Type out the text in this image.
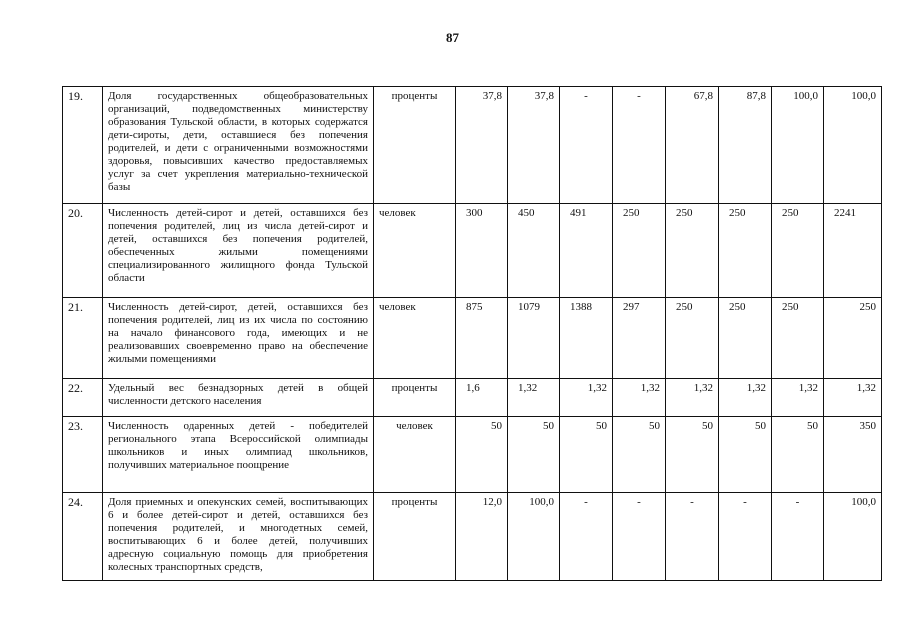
87
19.	Доля государственных общеобразовательных организаций, подведомственных министерству образования Тульской области, в которых содержатся дети-сироты, дети, оставшиеся без попечения родителей, и дети с ограниченными возможностями здоровья, повысивших качество предоставляемых услуг за счет укрепления материально-технической базы	проценты	37,8	37,8	-	-	67,8	87,8	100,0	100,0
20.	Численность детей-сирот и детей, оставшихся без попечения родителей, лиц из числа детей-сирот и детей, оставшихся без попечения родителей, обеспеченных жилыми помещениями специализированного жилищного фонда Тульской области	человек	300	450	491	250	250	250	250	2241
21.	Численность детей-сирот, детей, оставшихся без попечения родителей, лиц из их числа по состоянию на начало финансового года, имеющих и не реализовавших своевременно право на обеспечение жилыми помещениями	человек	875	1079	1388	297	250	250	250	250
22.	Удельный вес безнадзорных детей в общей численности детского населения	проценты	1,6	1,32	1,32	1,32	1,32	1,32	1,32	1,32
23.	Численность одаренных детей - победителей регионального этапа Всероссийской олимпиады школьников и иных олимпиад школьников, получивших материальное поощрение	человек	50	50	50	50	50	50	50	350
24.	Доля приемных и опекунских семей, воспитывающих 6 и более детей-сирот и детей, оставшихся без попечения родителей, и многодетных семей, воспитывающих 6 и более детей, получивших адресную социальную помощь для приобретения колесных транспортных средств,	проценты	12,0	100,0	-	-	-	-	-	100,0
